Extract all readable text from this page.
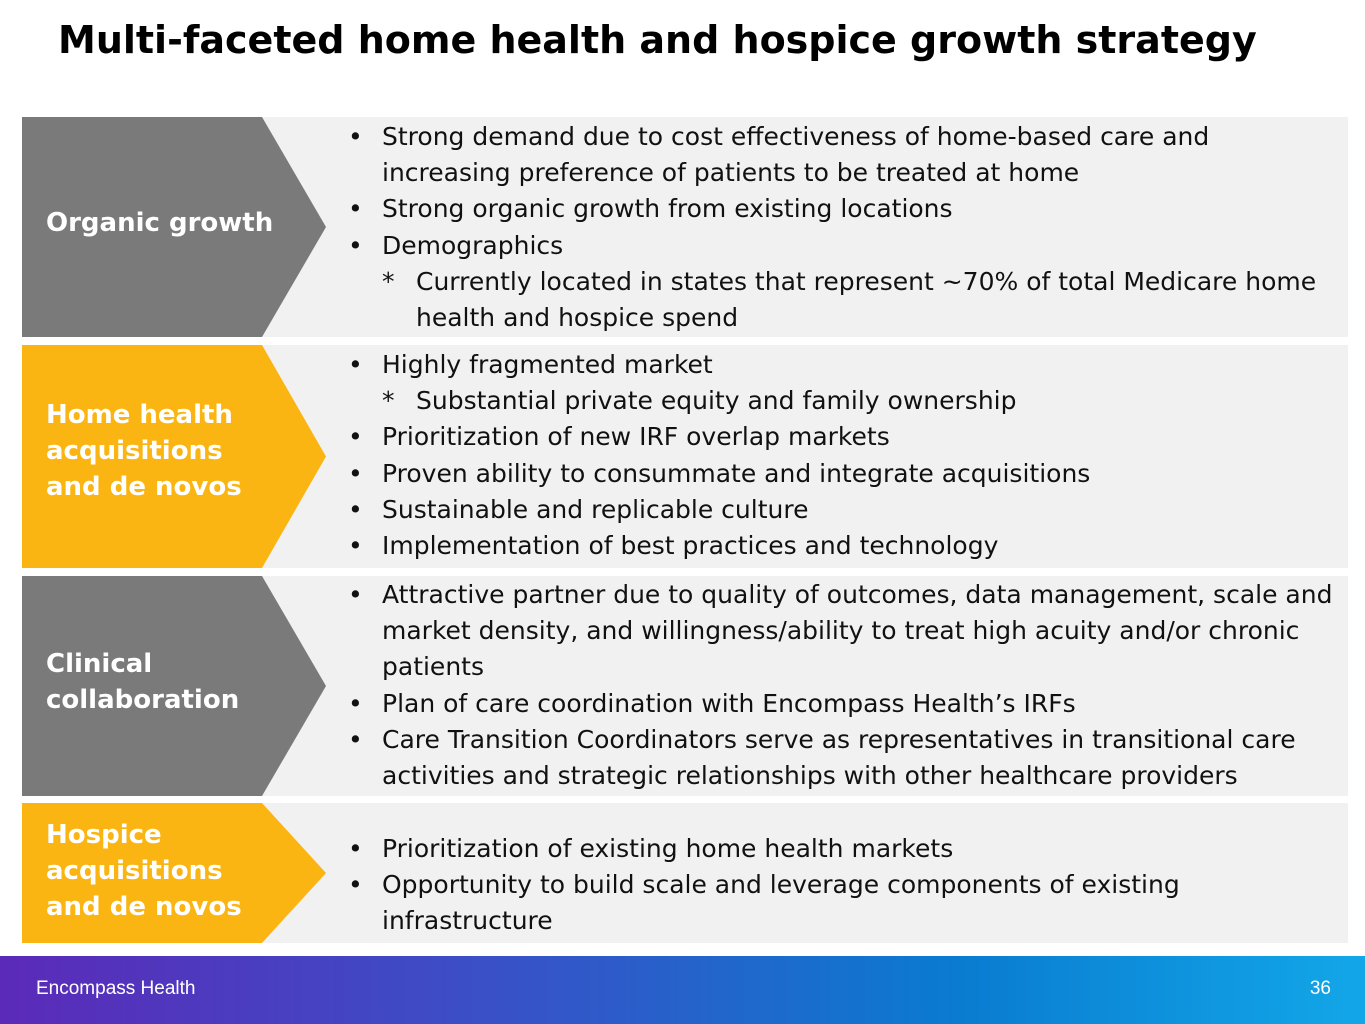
Multi-faceted home health and hospice growth strategy
Organic growth
• Strong demand due to cost effectiveness of home-based care and increasing preference of patients to be treated at home
• Strong organic growth from existing locations
• Demographics
* Currently located in states that represent ~70% of total Medicare home health and hospice spend
Home health acquisitions and de novos
• Highly fragmented market
* Substantial private equity and family ownership
• Prioritization of new IRF overlap markets
• Proven ability to consummate and integrate acquisitions
• Sustainable and replicable culture
• Implementation of best practices and technology
Clinical collaboration
• Attractive partner due to quality of outcomes, data management, scale and market density, and willingness/ability to treat high acuity and/or chronic patients
• Plan of care coordination with Encompass Health’s IRFs
• Care Transition Coordinators serve as representatives in transitional care activities and strategic relationships with other healthcare providers
Hospice acquisitions and de novos
• Prioritization of existing home health markets
• Opportunity to build scale and leverage components of existing infrastructure
Encompass Health	36
